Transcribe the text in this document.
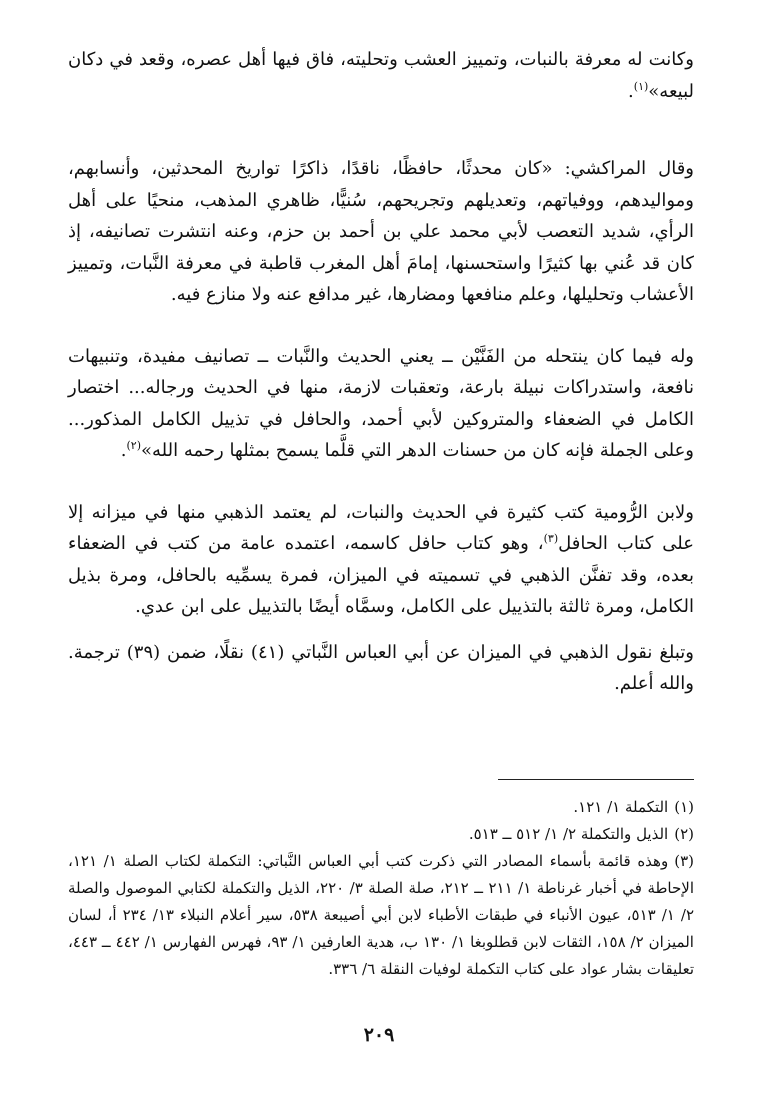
وكانت له معرفة بالنبات، وتمييز العشب وتحليته، فاق فيها أهل عصره، وقعد في دكان لبيعه»$^{(١)}$.

وقال المراكشي: «كان محدثًا، حافظًا، ناقدًا، ذاكرًا تواريخ المحدثين، وأنسابهم، ومواليدهم، ووفياتهم، وتعديلهم وتجريحهم، سُنيًّا، ظاهري المذهب، منحيًا على أهل الرأي، شديد التعصب لأبي محمد علي بن أحمد بن حزم، وعنه انتشرت تصانيفه، إذ كان قد عُني بها كثيرًا واستحسنها، إمامَ أهل المغرب قاطبة في معرفة النَّبات، وتمييز الأعشاب وتحليلها، وعلم منافعها ومضارها، غير مدافع عنه ولا منازع فيه.

وله فيما كان ينتحله من الفَنَّيْن ــ يعني الحديث والنَّبات ــ تصانيف مفيدة، وتنبيهات نافعة، واستدراكات نبيلة بارعة، وتعقبات لازمة، منها في الحديث ورجاله... اختصار الكامل في الضعفاء والمتروكين لأبي أحمد، والحافل في تذييل الكامل المذكور... وعلى الجملة فإنه كان من حسنات الدهر التي قلَّما يسمح بمثلها رحمه الله»$^{(٢)}$.

ولابن الرُّومية كتب كثيرة في الحديث والنبات، لم يعتمد الذهبي منها في ميزانه إلا على كتاب الحافل$^{(٣)}$، وهو كتاب حافل كاسمه، اعتمده عامة من كتب في الضعفاء بعده، وقد تفنَّن الذهبي في تسميته في الميزان، فمرة يسمِّيه بالحافل، ومرة بذيل الكامل، ومرة ثالثة بالتذييل على الكامل، وسمَّاه أيضًا بالتذييل على ابن عدي.

وتبلغ نقول الذهبي في الميزان عن أبي العباس النَّباتي (٤١) نقلًا، ضمن (٣٩) ترجمة. والله أعلم.

(١)التكملة ١/ ١٢١.

(٢)الذيل والتكملة ٢/ ١/ ٥١٢ ــ ٥١٣.

(٣)وهذه قائمة بأسماء المصادر التي ذكرت كتب أبي العباس النَّباتي: التكملة لكتاب الصلة ١/ ١٢١، الإحاطة في أخبار غرناطة ١/ ٢١١ ــ ٢١٢، صلة الصلة ٣/ ٢٢٠، الذيل والتكملة لكتابي الموصول والصلة ٢/ ١/ ٥١٣، عيون الأنباء في طبقات الأطباء لابن أبي أصيبعة ٥٣٨، سير أعلام النبلاء ١٣/ ٢٣٤ أ، لسان الميزان ٢/ ١٥٨، الثقات لابن قطلوبغا ١/ ١٣٠ ب، هدية العارفين ١/ ٩٣، فهرس الفهارس ١/ ٤٤٢ ــ ٤٤٣، تعليقات بشار عواد على كتاب التكملة لوفيات النقلة ٦/ ٣٣٦.

٢٠٩
